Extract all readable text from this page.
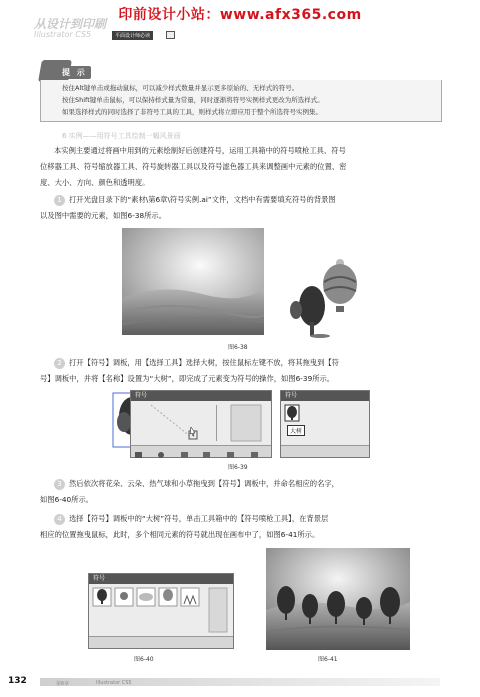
印前设计小站：www.afx365.com
从设计到印刷
Illustrator CS5	平面设计师必读
提 示
按住Alt键单击或拖动鼠标，可以减少样式数量并显示更多原始的、无样式的符号。
按住Shift键单击鼠标，可以保持样式量为常量，同时逐渐将符号实例样式更改为所选样式。
如果选择样式的同时选择了非符号工具的工具，则样式将立即应用于整个所选符号实例集。
6 实例——用符号工具绘制一幅风景画
本实例主要通过将画中用到的元素绘制好后创建符号，运用工具箱中的符号喷枪工具、符号
位移器工具、符号缩放器工具、符号旋转器工具以及符号滤色器工具来调整画中元素的位置、密
度、大小、方向、颜色和透明度。
1 打开光盘目录下的“素材\第6章\符号实例.ai”文件，文档中有需要填充符号的背景图
以及图中需要的元素，如图6-38所示。
图6-38
2 打开【符号】调板，用【选择工具】选择大树，按住鼠标左键不放，将其拖曳到【符
号】调板中，并将【名称】设置为“大树”，即完成了元素变为符号的操作，如图6-39所示。
符号	符号
大树
图6-39
3 然后依次将花朵、云朵、热气球和小草拖曳到【符号】调板中，并命名相应的名字，
如图6-40所示。
4 选择【符号】调板中的“大树”符号，单击工具箱中的【符号喷枪工具】，在背景层
相应的位置拖曳鼠标，此时，多个相同元素的符号就出现在画布中了，如图6-41所示。
符号
图6-40	图6-41
132	第6章	Illustrator CS5
